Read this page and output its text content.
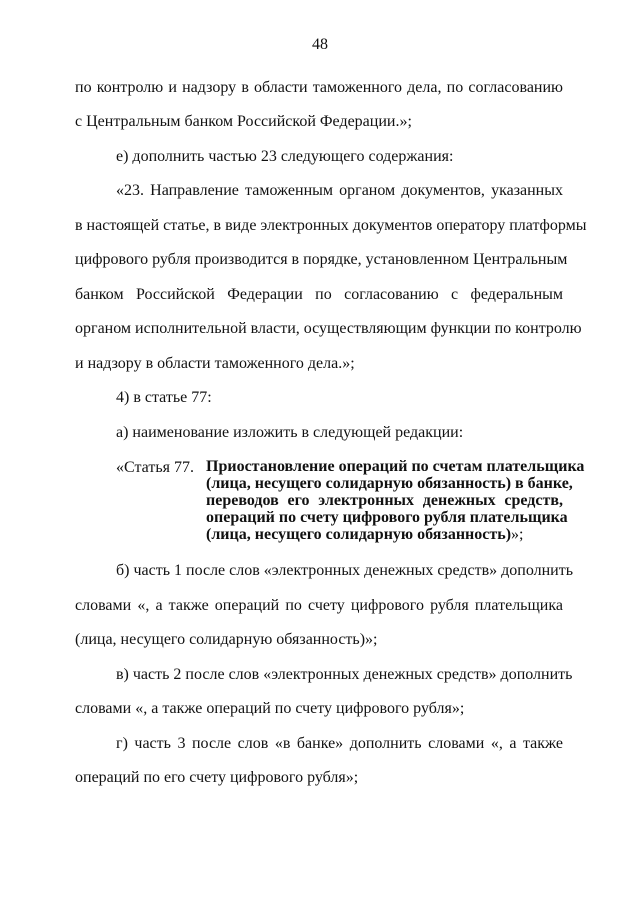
48
по контролю и надзору в области таможенного дела, по согласованию
с Центральным банком Российской Федерации.»;
е) дополнить частью 23 следующего содержания:
«23. Направление таможенным органом документов, указанных
в настоящей статье, в виде электронных документов оператору платформы
цифрового рубля производится в порядке, установленном Центральным
банком Российской Федерации по согласованию с федеральным
органом исполнительной власти, осуществляющим функции по контролю
и надзору в области таможенного дела.»;
4) в статье 77:
а) наименование изложить в следующей редакции:
«Статья 77. Приостановление операций по счетам плательщика
(лица, несущего солидарную обязанность) в банке,
переводов его электронных денежных средств,
операций по счету цифрового рубля плательщика
(лица, несущего солидарную обязанность)»;
б) часть 1 после слов «электронных денежных средств» дополнить
словами «, а также операций по счету цифрового рубля плательщика
(лица, несущего солидарную обязанность)»;
в) часть 2 после слов «электронных денежных средств» дополнить
словами «, а также операций по счету цифрового рубля»;
г) часть 3 после слов «в банке» дополнить словами «, а также
операций по его счету цифрового рубля»;
